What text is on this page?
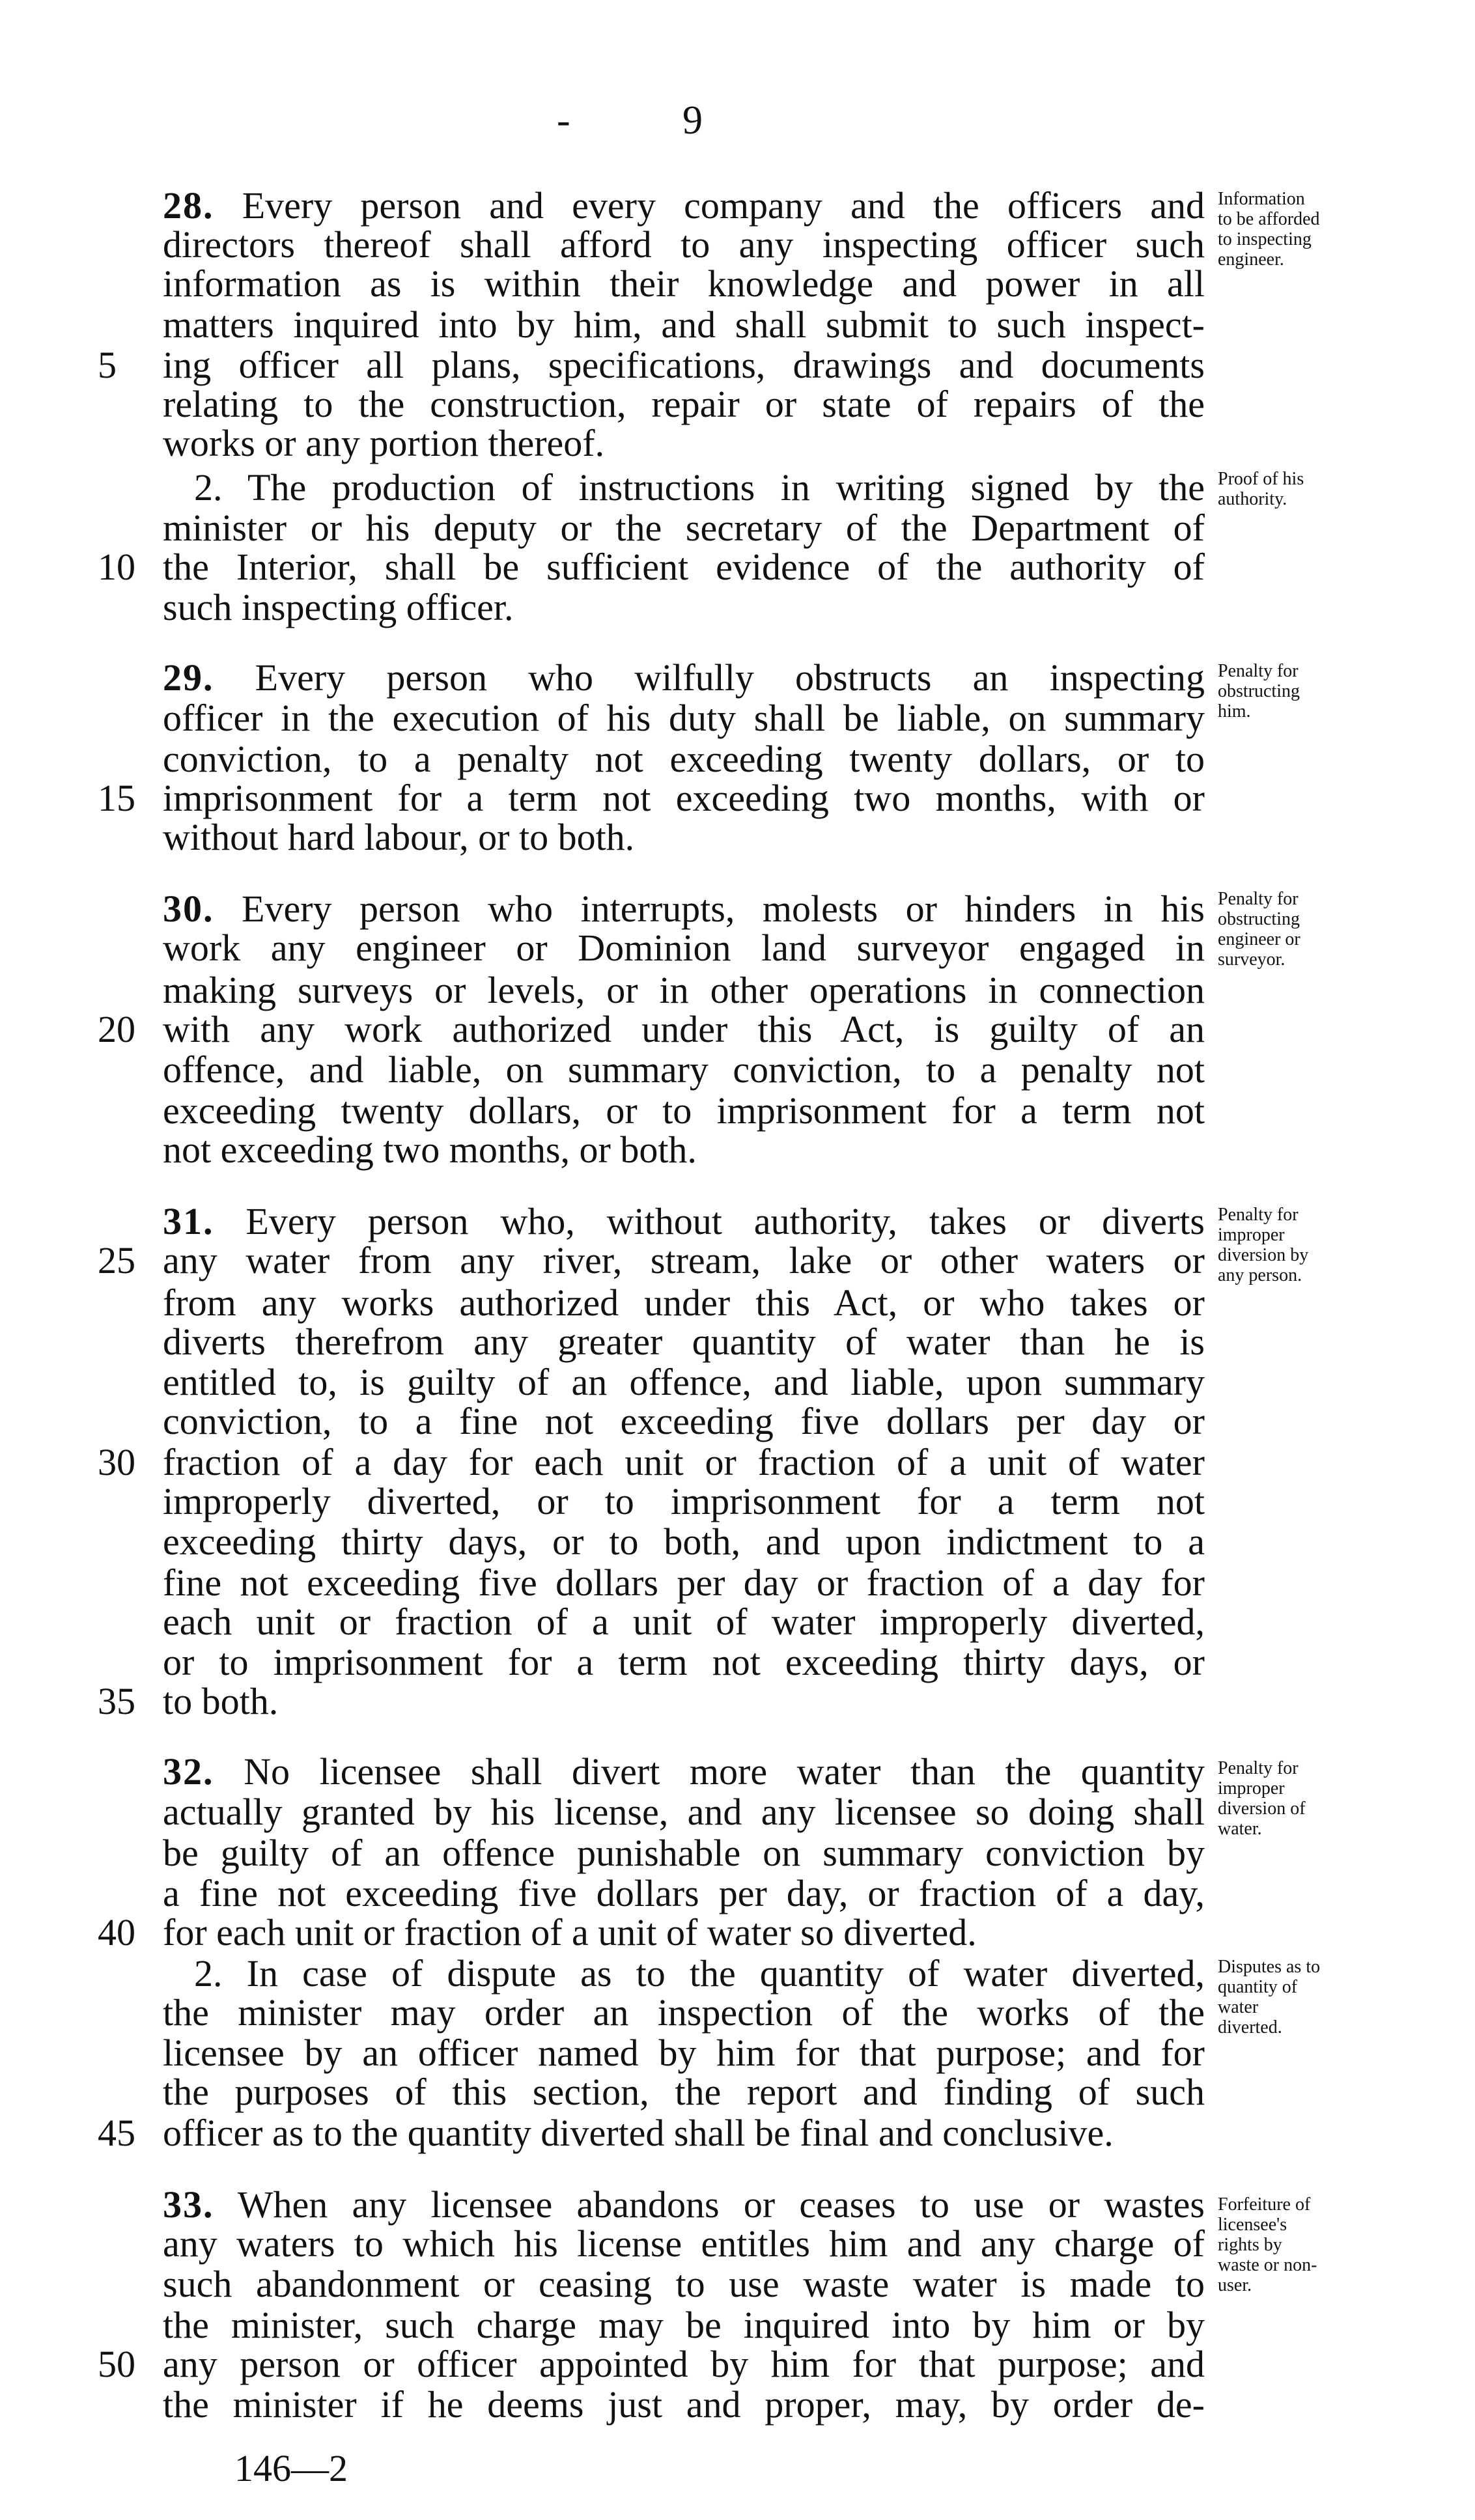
-	9
28. Every person and every company and the officers and
directors thereof shall afford to any inspecting officer such
information as is within their knowledge and power in all
matters inquired into by him, and shall submit to such inspect-
ing officer all plans, specifications, drawings and documents
5
relating to the construction, repair or state of repairs of the
works or any portion thereof.
2. The production of instructions in writing signed by the
minister or his deputy or the secretary of the Department of
the Interior, shall be sufficient evidence of the authority of
10
such inspecting officer.
29. Every person who wilfully obstructs an inspecting
officer in the execution of his duty shall be liable, on summary
conviction, to a penalty not exceeding twenty dollars, or to
imprisonment for a term not exceeding two months, with or
15
without hard labour, or to both.
30. Every person who interrupts, molests or hinders in his
work any engineer or Dominion land surveyor engaged in
making surveys or levels, or in other operations in connection
with any work authorized under this Act, is guilty of an
20
offence, and liable, on summary conviction, to a penalty not
exceeding twenty dollars, or to imprisonment for a term not
not exceeding two months, or both.
31. Every person who, without authority, takes or diverts
any water from any river, stream, lake or other waters or
25
from any works authorized under this Act, or who takes or
diverts therefrom any greater quantity of water than he is
entitled to, is guilty of an offence, and liable, upon summary
conviction, to a fine not exceeding five dollars per day or
fraction of a day for each unit or fraction of a unit of water
30
improperly diverted, or to imprisonment for a term not
exceeding thirty days, or to both, and upon indictment to a
fine not exceeding five dollars per day or fraction of a day for
each unit or fraction of a unit of water improperly diverted,
or to imprisonment for a term not exceeding thirty days, or
to both.
35
32. No licensee shall divert more water than the quantity
actually granted by his license, and any licensee so doing shall
be guilty of an offence punishable on summary conviction by
a fine not exceeding five dollars per day, or fraction of a day,
for each unit or fraction of a unit of water so diverted.
40
2. In case of dispute as to the quantity of water diverted,
the minister may order an inspection of the works of the
licensee by an officer named by him for that purpose; and for
the purposes of this section, the report and finding of such
officer as to the quantity diverted shall be final and conclusive.
45
33. When any licensee abandons or ceases to use or wastes
any waters to which his license entitles him and any charge of
such abandonment or ceasing to use waste water is made to
the minister, such charge may be inquired into by him or by
any person or officer appointed by him for that purpose; and
50
the minister if he deems just and proper, may, by order de-
Information
to be afforded
to inspecting
engineer.
Proof of his
authority.
Penalty for
obstructing
him.
Penalty for
obstructing
engineer or
surveyor.
Penalty for
improper
diversion by
any person.
Penalty for
improper
diversion of
water.
Disputes as to
quantity of
water
diverted.
Forfeiture of
licensee's
rights by
waste or non-
user.
146—2
